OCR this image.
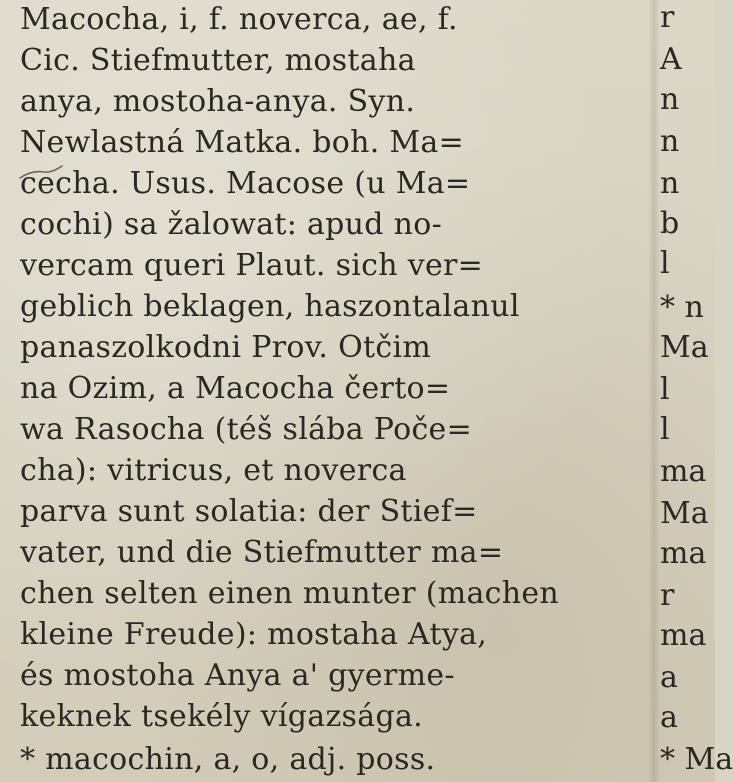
Macocha, i, f. noverca, ae, f.
Cic. Stiefmutter, mostaha
anya, mostoha-anya. Syn.
Newlastná Matka. boh. Ma=
cecha. Usus. Macose (u Ma=
cochi) sa žalowat: apud no-
vercam queri Plaut. sich ver=
geblich beklagen, haszontalanul
panaszolkodni Prov. Otčim
na Ozim, a Macocha čerto=
wa Rasocha (téš slába Poče=
cha): vitricus, et noverca
parva sunt solatia: der Stief=
vater, und die Stiefmutter ma=
chen selten einen munter (machen
kleine Freude): mostaha Atya,
és mostoha Anya a' gyerme-
keknek tsekély vígazsága.
* macochin, a, o, adj. poss.
r
A
n
n
n
b
l
* n
Ma
l
l
ma
Ma
ma
r
ma
a
a
* Ma
